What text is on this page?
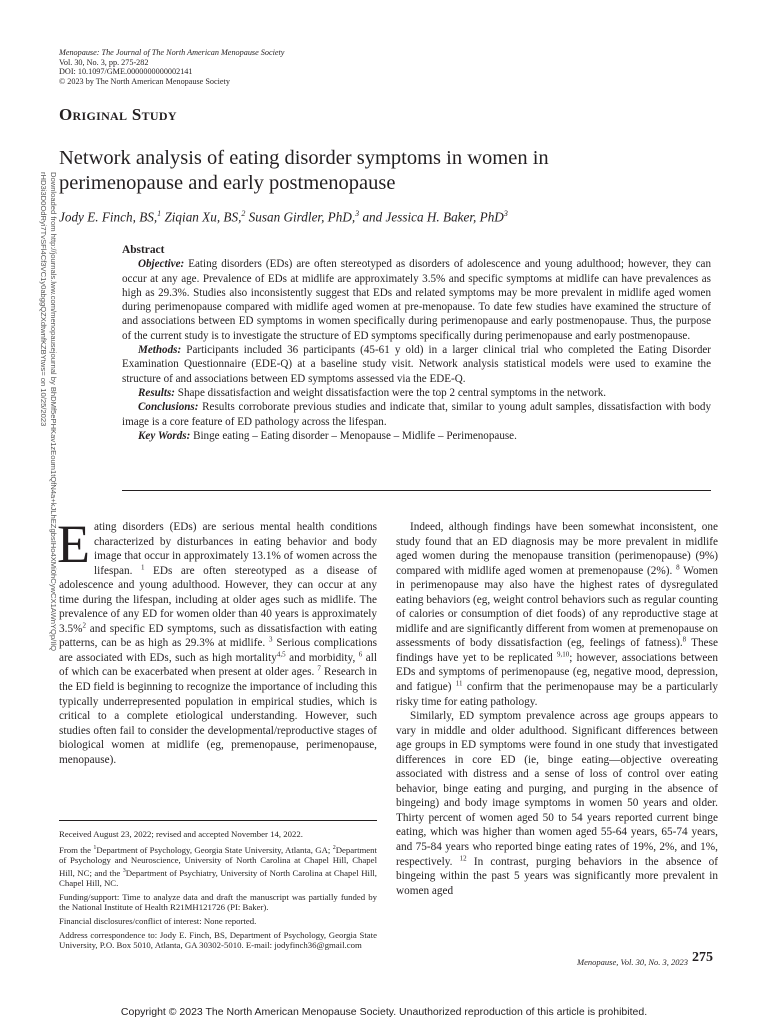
Menopause: The Journal of The North American Menopause Society
Vol. 30, No. 3, pp. 275-282
DOI: 10.1097/GME.0000000000002141
© 2023 by The North American Menopause Society
Original Study
Network analysis of eating disorder symptoms in women in perimenopause and early postmenopause
Jody E. Finch, BS,$^1$ Ziqian Xu, BS,$^2$ Susan Girdler, PhD,$^3$ and Jessica H. Baker, PhD$^3$
Abstract

Objective: Eating disorders (EDs) are often stereotyped as disorders of adolescence and young adulthood; however, they can occur at any age. Prevalence of EDs at midlife are approximately 3.5% and specific symptoms at midlife can have prevalences as high as 29.3%. Studies also inconsistently suggest that EDs and related symptoms may be more prevalent in midlife aged women during perimenopause compared with midlife aged women at pre-menopause. To date few studies have examined the structure of and associations between ED symptoms in women specifically during perimenopause and early postmenopause. Thus, the purpose of the current study is to investigate the structure of ED symptoms specifically during perimenopause and early postmenopause.

Methods: Participants included 36 participants (45-61 y old) in a larger clinical trial who completed the Eating Disorder Examination Questionnaire (EDE-Q) at a baseline study visit. Network analysis statistical models were used to examine the structure of and associations between ED symptoms assessed via the EDE-Q.

Results: Shape dissatisfaction and weight dissatisfaction were the top 2 central symptoms in the network.

Conclusions: Results corroborate previous studies and indicate that, similar to young adult samples, dissatisfaction with body image is a core feature of ED pathology across the lifespan.

Key Words: Binge eating – Eating disorder – Menopause – Midlife – Perimenopause.

Downloaded from http://journals.lww.com/menopausejournal by BhDMf5ePHKav1zEoum1tQfN4a+kJLhEZgbsIHo4XMi0hCywCX1AWnYQp/IlQrHD3i3D0OdRyi7TvSFl4Cf3VC1y0abggQZXdtwnfKZBYtws= on 10/25/2023

Eating disorders (EDs) are serious mental health conditions characterized by disturbances in eating behavior and body image that occur in approximately 13.1% of women across the lifespan. $^1$ EDs are often stereotyped as a disease of adolescence and young adulthood. However, they can occur at any time during the lifespan, including at older ages such as midlife. The prevalence of any ED for women older than 40 years is approximately 3.5%$^2$ and specific ED symptoms, such as dissatisfaction with eating patterns, can be as high as 29.3% at midlife. $^3$ Serious complications are associated with EDs, such as high mortality$^{4,5}$ and morbidity, $^6$ all of which can be exacerbated when present at older ages. $^7$ Research in the ED field is beginning to recognize the importance of including this typically underrepresented population in empirical studies, which is critical to a complete etiological understanding. However, such studies often fail to consider the developmental/reproductive stages of biological women at midlife (eg, premenopause, perimenopause, menopause).

Received August 23, 2022; revised and accepted November 14, 2022.

From the $^1$Department of Psychology, Georgia State University, Atlanta, GA; $^2$Department of Psychology and Neuroscience, University of North Carolina at Chapel Hill, Chapel Hill, NC; and the $^3$Department of Psychiatry, University of North Carolina at Chapel Hill, Chapel Hill, NC.

Funding/support: Time to analyze data and draft the manuscript was partially funded by the National Institute of Health R21MH121726 (PI: Baker).

Financial disclosures/conflict of interest: None reported.

Address correspondence to: Jody E. Finch, BS, Department of Psychology, Georgia State University, P.O. Box 5010, Atlanta, GA 30302-5010. E-mail: jodyfinch36@gmail.com

Indeed, although findings have been somewhat inconsistent, one study found that an ED diagnosis may be more prevalent in midlife aged women during the menopause transition (perimenopause) (9%) compared with midlife aged women at premenopause (2%). $^8$ Women in perimenopause may also have the highest rates of dysregulated eating behaviors (eg, weight control behaviors such as regular counting of calories or consumption of diet foods) of any reproductive stage at midlife and are significantly different from women at premenopause on assessments of body dissatisfaction (eg, feelings of fatness).$^8$ These findings have yet to be replicated $^{9,10}$; however, associations between EDs and symptoms of perimenopause (eg, negative mood, depression, and fatigue) $^{11}$ confirm that the perimenopause may be a particularly risky time for eating pathology.

Similarly, ED symptom prevalence across age groups appears to vary in middle and older adulthood. Significant differences between age groups in ED symptoms were found in one study that investigated differences in core ED (ie, binge eating—objective overeating associated with distress and a sense of loss of control over eating behavior, binge eating and purging, and purging in the absence of bingeing) and body image symptoms in women 50 years and older. Thirty percent of women aged 50 to 54 years reported current binge eating, which was higher than women aged 55-64 years, 65-74 years, and 75-84 years who reported binge eating rates of 19%, 2%, and 1%, respectively. $^{12}$ In contrast, purging behaviors in the absence of bingeing within the past 5 years was significantly more prevalent in women aged

Menopause, Vol. 30, No. 3, 2023 275
Copyright © 2023 The North American Menopause Society. Unauthorized reproduction of this article is prohibited.
